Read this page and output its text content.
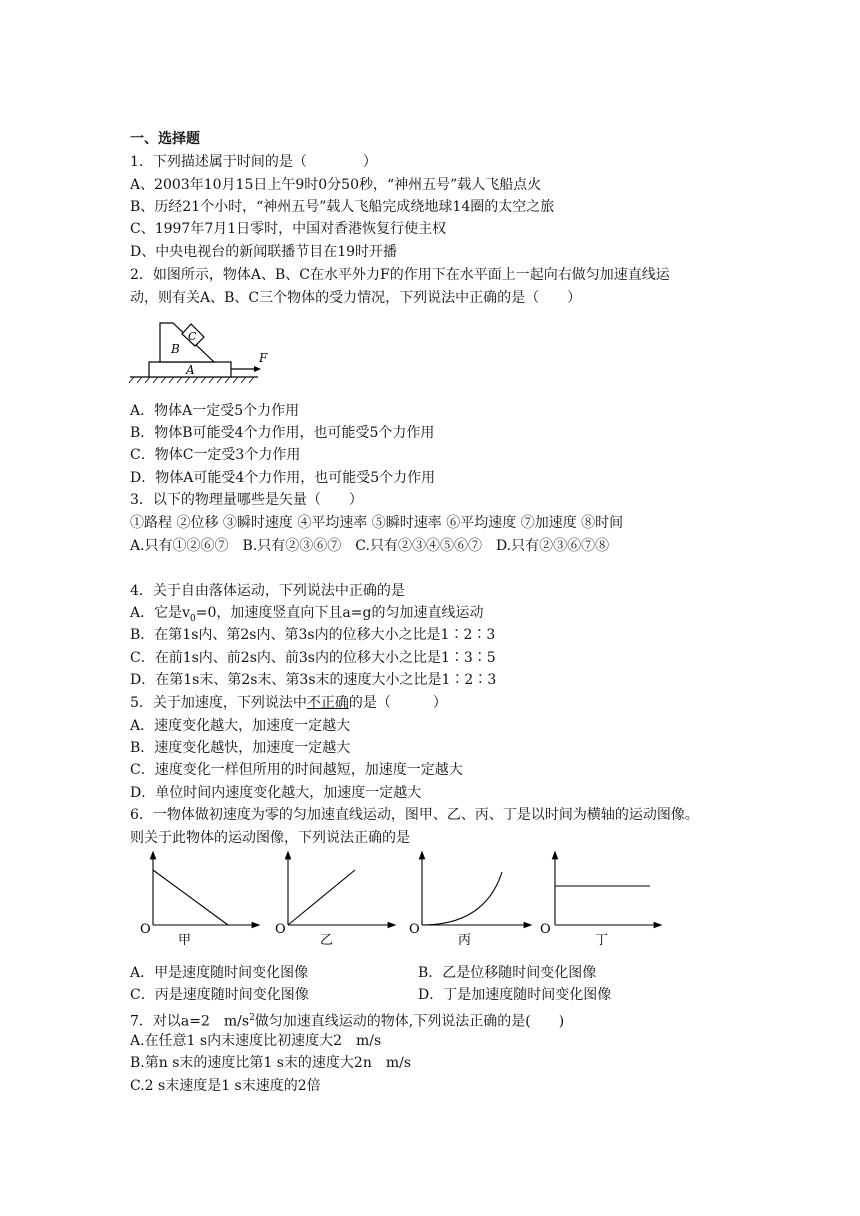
一、选择题
1．下列描述属于时间的是（　　　　）
A、2003年10月15日上午9时0分50秒，“神州五号”载人飞船点火
B、历经21个小时，“神州五号”载人飞船完成绕地球14圈的太空之旅
C、1997年7月1日零时，中国对香港恢复行使主权
D、中央电视台的新闻联播节目在19时开播
2．如图所示，物体A、B、C在水平外力F的作用下在水平面上一起向右做匀加速直线运
动，则有关A、B、C三个物体的受力情况，下列说法中正确的是（　　）
A
B
C
F
A．物体A一定受5个力作用
B．物体B可能受4个力作用，也可能受5个力作用
C．物体C一定受3个力作用
D．物体A可能受4个力作用，也可能受5个力作用
3．以下的物理量哪些是矢量（　　）
①路程 ②位移 ③瞬时速度 ④平均速率 ⑤瞬时速率 ⑥平均速度 ⑦加速度 ⑧时间
A.只有①②⑥⑦　B.只有②③⑥⑦　C.只有②③④⑤⑥⑦　D.只有②③⑥⑦⑧
4．关于自由落体运动，下列说法中正确的是
A．它是$v_0=0$，加速度竖直向下且a=g的匀加速直线运动
B．在第1s内、第2s内、第3s内的位移大小之比是1∶2∶3
C．在前1s内、前2s内、前3s内的位移大小之比是1∶3∶5
D．在第1s末、第2s末、第3s末的速度大小之比是1∶2∶3
5．关于加速度，下列说法中不正确的是（　　　）
A．速度变化越大，加速度一定越大
B．速度变化越快，加速度一定越大
C．速度变化一样但所用的时间越短，加速度一定越大
D．单位时间内速度变化越大，加速度一定越大
6．一物体做初速度为零的匀加速直线运动，图甲、乙、丙、丁是以时间为横轴的运动图像。
则关于此物体的运动图像，下列说法正确的是
O
甲
O
乙
O
丙
O
丁
A．甲是速度随时间变化图像	B．乙是位移随时间变化图像
C．丙是速度随时间变化图像	D．丁是加速度随时间变化图像
7．对以a=2　$m/s^2$做匀加速直线运动的物体,下列说法正确的是(　　)
A.在任意1 s内末速度比初速度大2　m/s
B.第n s末的速度比第1 s末的速度大2n　m/s
C.2 s末速度是1 s末速度的2倍
